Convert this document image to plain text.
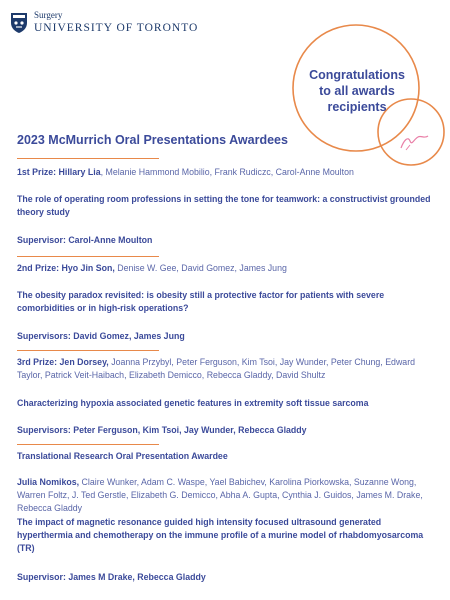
Surgery
UNIVERSITY OF TORONTO
Congratulations
to all awards
recipients
2023 McMurrich Oral Presentations Awardees
1st Prize: Hillary Lia, Melanie Hammond Mobilio, Frank Rudiczc, Carol-Anne Moulton
The role of operating room professions in setting the tone for teamwork: a constructivist grounded theory study
Supervisor: Carol-Anne Moulton
2nd Prize: Hyo Jin Son, Denise W. Gee, David Gomez, James Jung
The obesity paradox revisited: is obesity still a protective factor for patients with severe comorbidities or in high-risk operations?
Supervisors: David Gomez, James Jung
3rd Prize: Jen Dorsey, Joanna Przybyl, Peter Ferguson, Kim Tsoi, Jay Wunder, Peter Chung, Edward Taylor, Patrick Veit-Haibach, Elizabeth Demicco, Rebecca Gladdy, David Shultz
Characterizing hypoxia associated genetic features in extremity soft tissue sarcoma
Supervisors: Peter Ferguson, Kim Tsoi, Jay Wunder, Rebecca Gladdy
Translational Research Oral Presentation Awardee
Julia Nomikos, Claire Wunker, Adam C. Waspe, Yael Babichev, Karolina Piorkowska, Suzanne Wong, Warren Foltz, J. Ted Gerstle, Elizabeth G. Demicco, Abha A. Gupta, Cynthia J. Guidos, James M. Drake, Rebecca Gladdy
The impact of magnetic resonance guided high intensity focused ultrasound generated hyperthermia and chemotherapy on the immune profile of a murine model of rhabdomyosarcoma (TR)
Supervisor: James M Drake, Rebecca Gladdy
